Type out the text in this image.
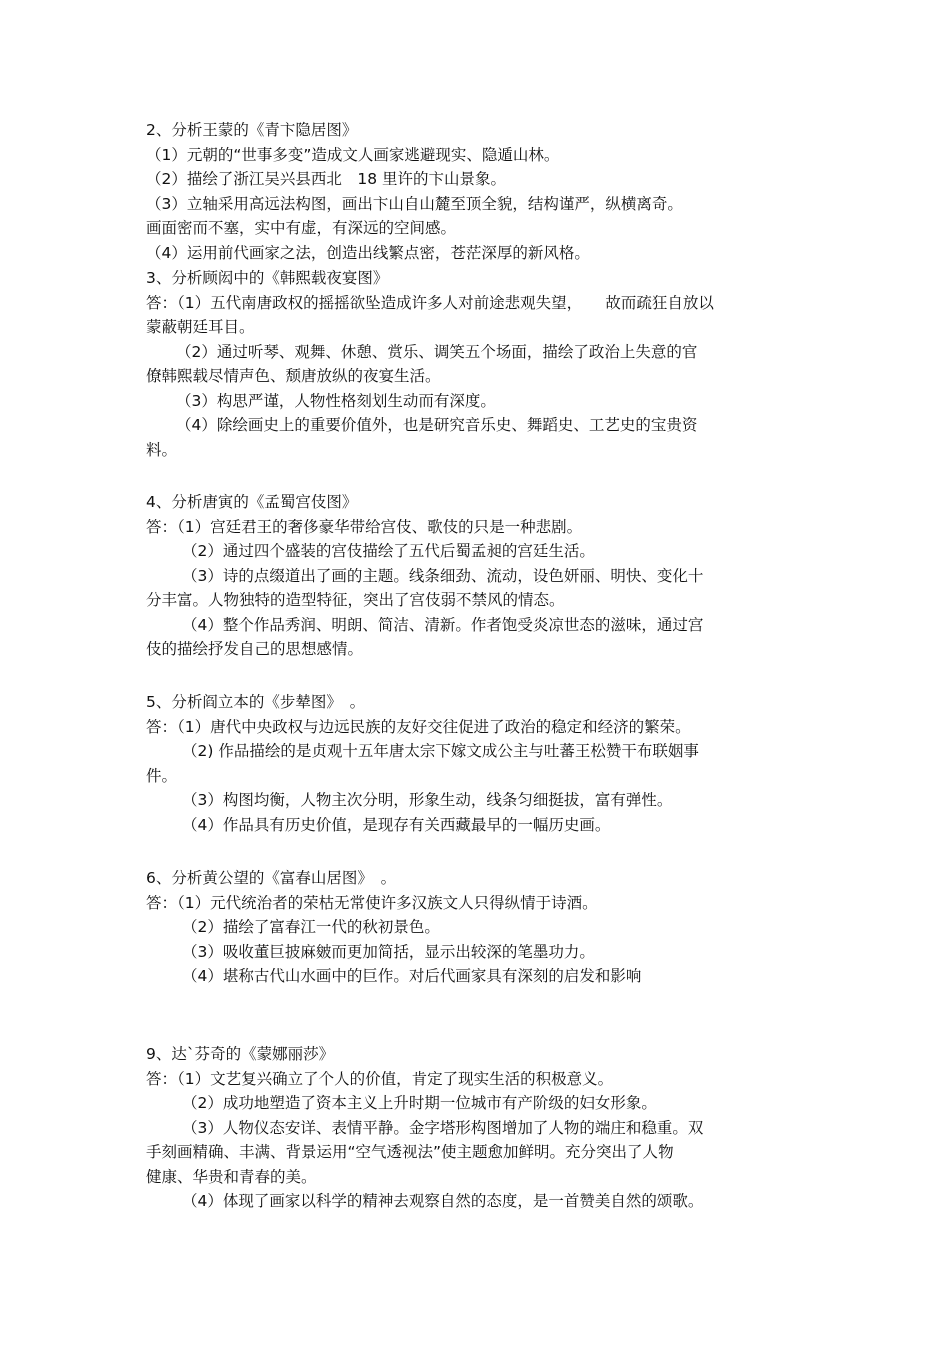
2、分析王蒙的《青卞隐居图》
（1）元朝的“世事多变”造成文人画家逃避现实、隐遁山林。
（2）描绘了浙江吴兴县西北　18 里许的卞山景象。
（3）立轴采用高远法构图，画出卞山自山麓至顶全貌，结构谨严，纵横离奇。
画面密而不塞，实中有虚，有深远的空间感。
（4）运用前代画家之法，创造出线繁点密，苍茫深厚的新风格。
3、分析顾闳中的《韩熙载夜宴图》
答：（1）五代南唐政权的摇摇欲坠造成许多人对前途悲观失望，　　故而疏狂自放以
蒙蔽朝廷耳目。
（2）通过听琴、观舞、休憩、赏乐、调笑五个场面，描绘了政治上失意的官
僚韩熙载尽情声色、颓唐放纵的夜宴生活。
（3）构思严谨，人物性格刻划生动而有深度。
（4）除绘画史上的重要价值外，也是研究音乐史、舞蹈史、工艺史的宝贵资
料。
4、分析唐寅的《孟蜀宫伎图》
答：（1）宫廷君王的奢侈豪华带给宫伎、歌伎的只是一种悲剧。
（2）通过四个盛装的宫伎描绘了五代后蜀孟昶的宫廷生活。
（3）诗的点缀道出了画的主题。线条细劲、流动，设色妍丽、明快、变化十
分丰富。人物独特的造型特征，突出了宫伎弱不禁风的情态。
（4）整个作品秀润、明朗、简洁、清新。作者饱受炎凉世态的滋味，通过宫
伎的描绘抒发自己的思想感情。
5、分析阎立本的《步辇图》　。
答：（1）唐代中央政权与边远民族的友好交往促进了政治的稳定和经济的繁荣。
（2) 作品描绘的是贞观十五年唐太宗下嫁文成公主与吐蕃王松赞干布联姻事
件。
（3）构图均衡，人物主次分明，形象生动，线条匀细挺拔，富有弹性。
（4）作品具有历史价值，是现存有关西藏最早的一幅历史画。
6、分析黄公望的《富春山居图》　。
答：（1）元代统治者的荣枯无常使许多汉族文人只得纵情于诗酒。
（2）描绘了富春江一代的秋初景色。
（3）吸收董巨披麻皴而更加简括，显示出较深的笔墨功力。
（4）堪称古代山水画中的巨作。对后代画家具有深刻的启发和影响
9、达`芬奇的《蒙娜丽莎》
答：（1）文艺复兴确立了个人的价值，肯定了现实生活的积极意义。
（2）成功地塑造了资本主义上升时期一位城市有产阶级的妇女形象。
（3）人物仪态安详、表情平静。金字塔形构图增加了人物的端庄和稳重。双
手刻画精确、丰满、背景运用“空气透视法”使主题愈加鲜明。充分突出了人物
健康、华贵和青春的美。
（4）体现了画家以科学的精神去观察自然的态度，是一首赞美自然的颂歌。
